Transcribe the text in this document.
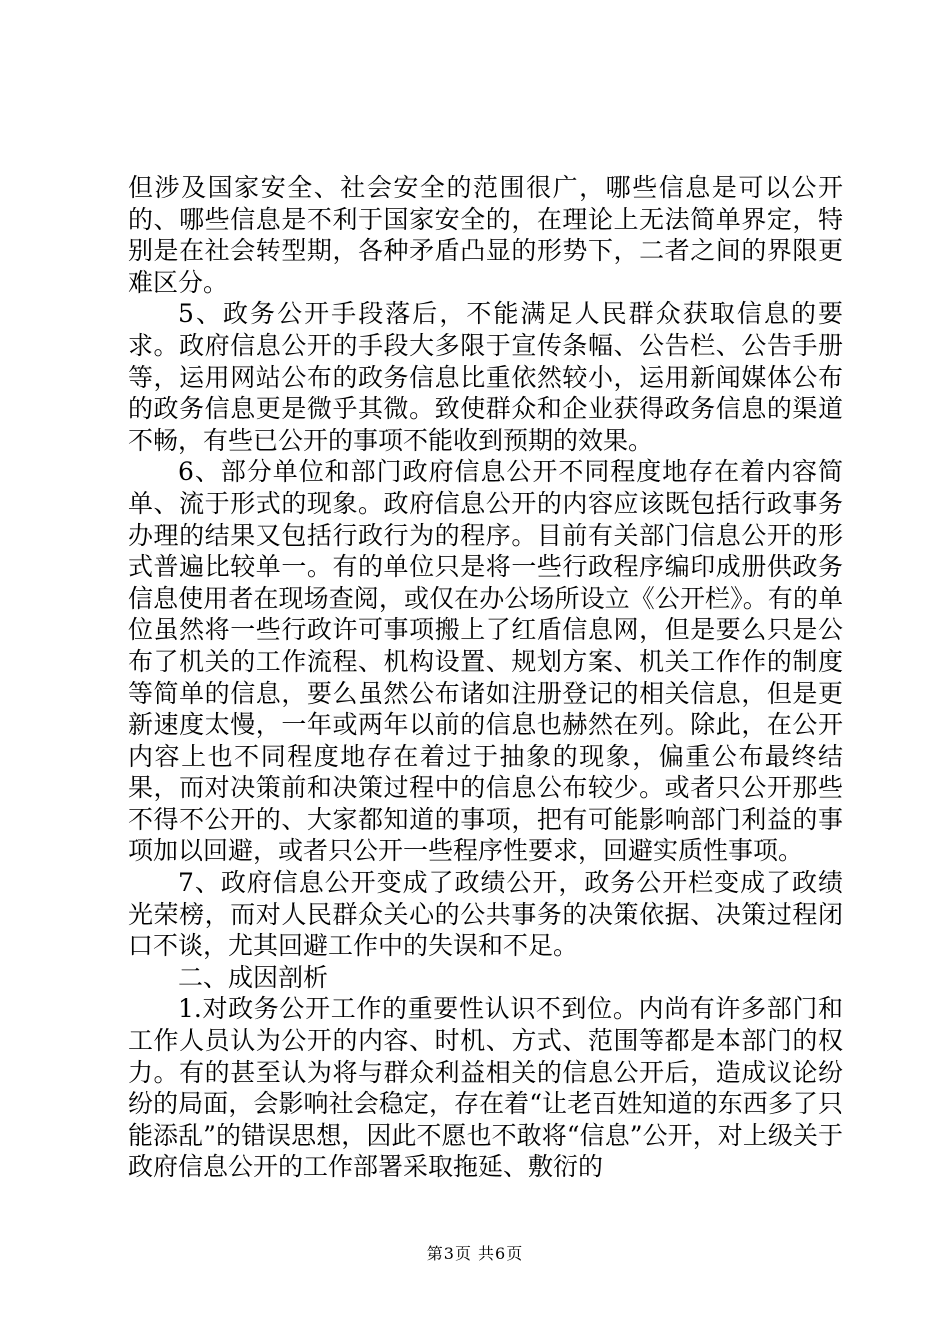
但涉及国家安全、社会安全的范围很广，哪些信息是可以公开的、哪些信息是不利于国家安全的，在理论上无法简单界定，特别是在社会转型期，各种矛盾凸显的形势下，二者之间的界限更难区分。

5、政务公开手段落后，不能满足人民群众获取信息的要求。政府信息公开的手段大多限于宣传条幅、公告栏、公告手册等，运用网站公布的政务信息比重依然较小，运用新闻媒体公布的政务信息更是微乎其微。致使群众和企业获得政务信息的渠道不畅，有些已公开的事项不能收到预期的效果。

6、部分单位和部门政府信息公开不同程度地存在着内容简单、流于形式的现象。政府信息公开的内容应该既包括行政事务办理的结果又包括行政行为的程序。目前有关部门信息公开的形式普遍比较单一。有的单位只是将一些行政程序编印成册供政务信息使用者在现场查阅，或仅在办公场所设立《公开栏》。有的单位虽然将一些行政许可事项搬上了红盾信息网，但是要么只是公布了机关的工作流程、机构设置、规划方案、机关工作作的制度等简单的信息，要么虽然公布诸如注册登记的相关信息，但是更新速度太慢，一年或两年以前的信息也赫然在列。除此，在公开内容上也不同程度地存在着过于抽象的现象，偏重公布最终结果，而对决策前和决策过程中的信息公布较少。或者只公开那些不得不公开的、大家都知道的事项，把有可能影响部门利益的事项加以回避，或者只公开一些程序性要求，回避实质性事项。

7、政府信息公开变成了政绩公开，政务公开栏变成了政绩光荣榜，而对人民群众关心的公共事务的决策依据、决策过程闭口不谈，尤其回避工作中的失误和不足。

二、成因剖析

1.对政务公开工作的重要性认识不到位。内尚有许多部门和工作人员认为公开的内容、时机、方式、范围等都是本部门的权力。有的甚至认为将与群众利益相关的信息公开后，造成议论纷纷的局面，会影响社会稳定，存在着“让老百姓知道的东西多了只能添乱”的错误思想，因此不愿也不敢将“信息”公开，对上级关于政府信息公开的工作部署采取拖延、敷衍的

第3页 共6页
